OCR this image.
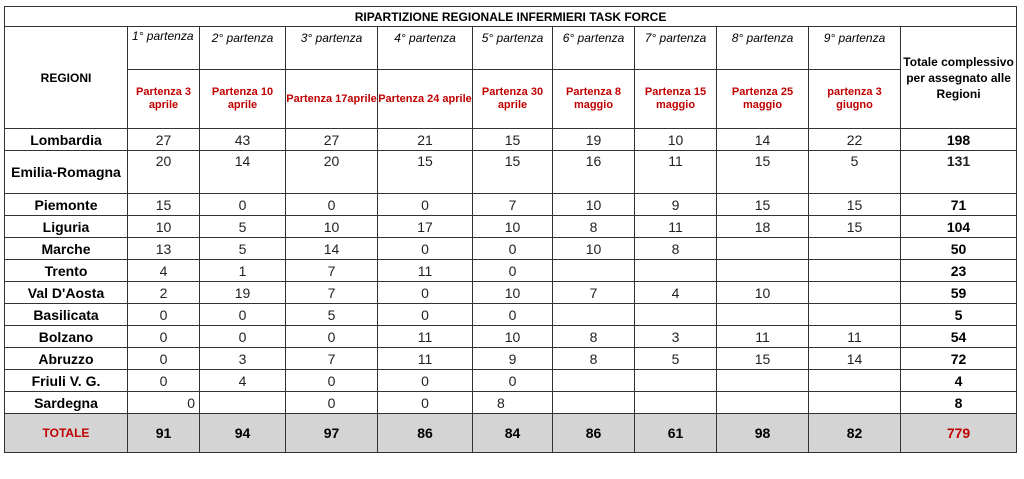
RIPARTIZIONE REGIONALE INFERMIERI TASK FORCE										
REGIONI	1° partenza	2° partenza	3° partenza	4° partenza	5° partenza	6° partenza	7° partenza	8° partenza	9° partenza	Totale complessivo per assegnato alle Regioni
	Partenza 3 aprile	Partenza 10 aprile	Partenza 17aprile	Partenza 24 aprile	Partenza 30 aprile	Partenza 8 maggio	Partenza 15 maggio	Partenza 25 maggio	partenza 3 giugno	
Lombardia	27	43	27	21	15	19	10	14	22	198
Emilia-Romagna	20	14	20	15	15	16	11	15	5	131
Piemonte	15	0	0	0	7	10	9	15	15	71
Liguria	10	5	10	17	10	8	11	18	15	104
Marche	13	5	14	0	0	10	8			50
Trento	4	1	7	11	0					23
Val D'Aosta	2	19	7	0	10	7	4	10		59
Basilicata	0	0	5	0	0					5
Bolzano	0	0	0	11	10	8	3	11	11	54
Abruzzo	0	3	7	11	9	8	5	15	14	72
Friuli V. G.	0	4	0	0	0					4
Sardegna	0		0	0	8					8
TOTALE	91	94	97	86	84	86	61	98	82	779
